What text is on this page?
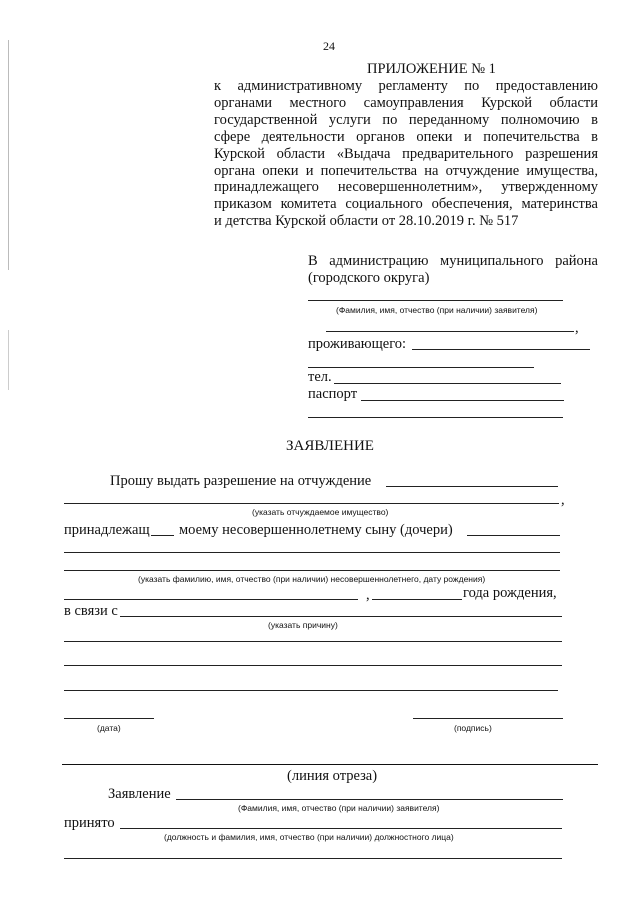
24
ПРИЛОЖЕНИЕ № 1
к административному регламенту по предоставлению
органами местного самоуправления Курской области
государственной услуги по переданному полномочию в
сфере деятельности органов опеки и попечительства в
Курской области «Выдача предварительного разрешения
органа опеки и попечительства на отчуждение имущества,
принадлежащего несовершеннолетним», утвержденному
приказом комитета социального обеспечения, материнства
и детства Курской области от 28.10.2019 г. № 517
В администрацию муниципального района
(городского округа)
(Фамилия, имя, отчество (при наличии) заявителя)
,
проживающего:
тел.
паспорт
ЗАЯВЛЕНИЕ
Прошу выдать разрешение на отчуждение
,
(указать отчуждаемое имущество)
принадлежащ моему несовершеннолетнему сыну (дочери)
(указать фамилию, имя, отчество (при наличии) несовершеннолетнего, дату рождения)
,	года рождения,
в связи с
(указать причину)
(дата)	(подпись)
(линия отреза)
Заявление
(Фамилия, имя, отчество (при наличии) заявителя)
принято
(должность и фамилия, имя, отчество (при наличии) должностного лица)
